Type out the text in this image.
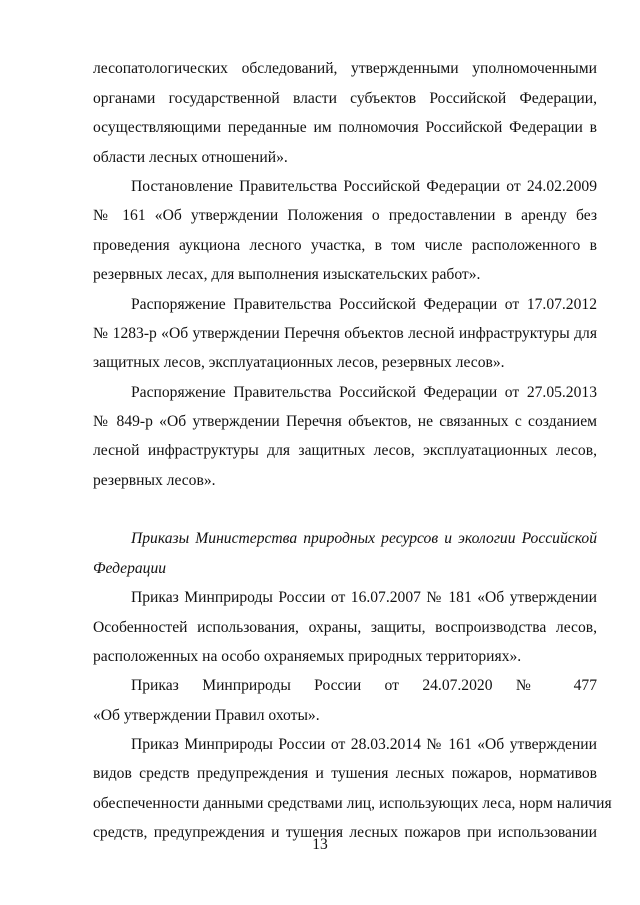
лесопатологических обследований, утвержденными уполномоченными
органами государственной власти субъектов Российской Федерации,
осуществляющими переданные им полномочия Российской Федерации в
области лесных отношений».
Постановление Правительства Российской Федерации от 24.02.2009
№ 161 «Об утверждении Положения о предоставлении в аренду без
проведения аукциона лесного участка, в том числе расположенного в
резервных лесах, для выполнения изыскательских работ».
Распоряжение Правительства Российской Федерации от 17.07.2012
№ 1283-р «Об утверждении Перечня объектов лесной инфраструктуры для
защитных лесов, эксплуатационных лесов, резервных лесов».
Распоряжение Правительства Российской Федерации от 27.05.2013
№ 849-р «Об утверждении Перечня объектов, не связанных с созданием
лесной инфраструктуры для защитных лесов, эксплуатационных лесов,
резервных лесов».
Приказы Министерства природных ресурсов и экологии Российской
Федерации
Приказ Минприроды России от 16.07.2007 № 181 «Об утверждении
Особенностей использования, охраны, защиты, воспроизводства лесов,
расположенных на особо охраняемых природных территориях».
Приказ Минприроды России от 24.07.2020 № 477
«Об утверждении Правил охоты».
Приказ Минприроды России от 28.03.2014 № 161 «Об утверждении
видов средств предупреждения и тушения лесных пожаров, нормативов
обеспеченности данными средствами лиц, использующих леса, норм наличия
средств, предупреждения и тушения лесных пожаров при использовании
13
